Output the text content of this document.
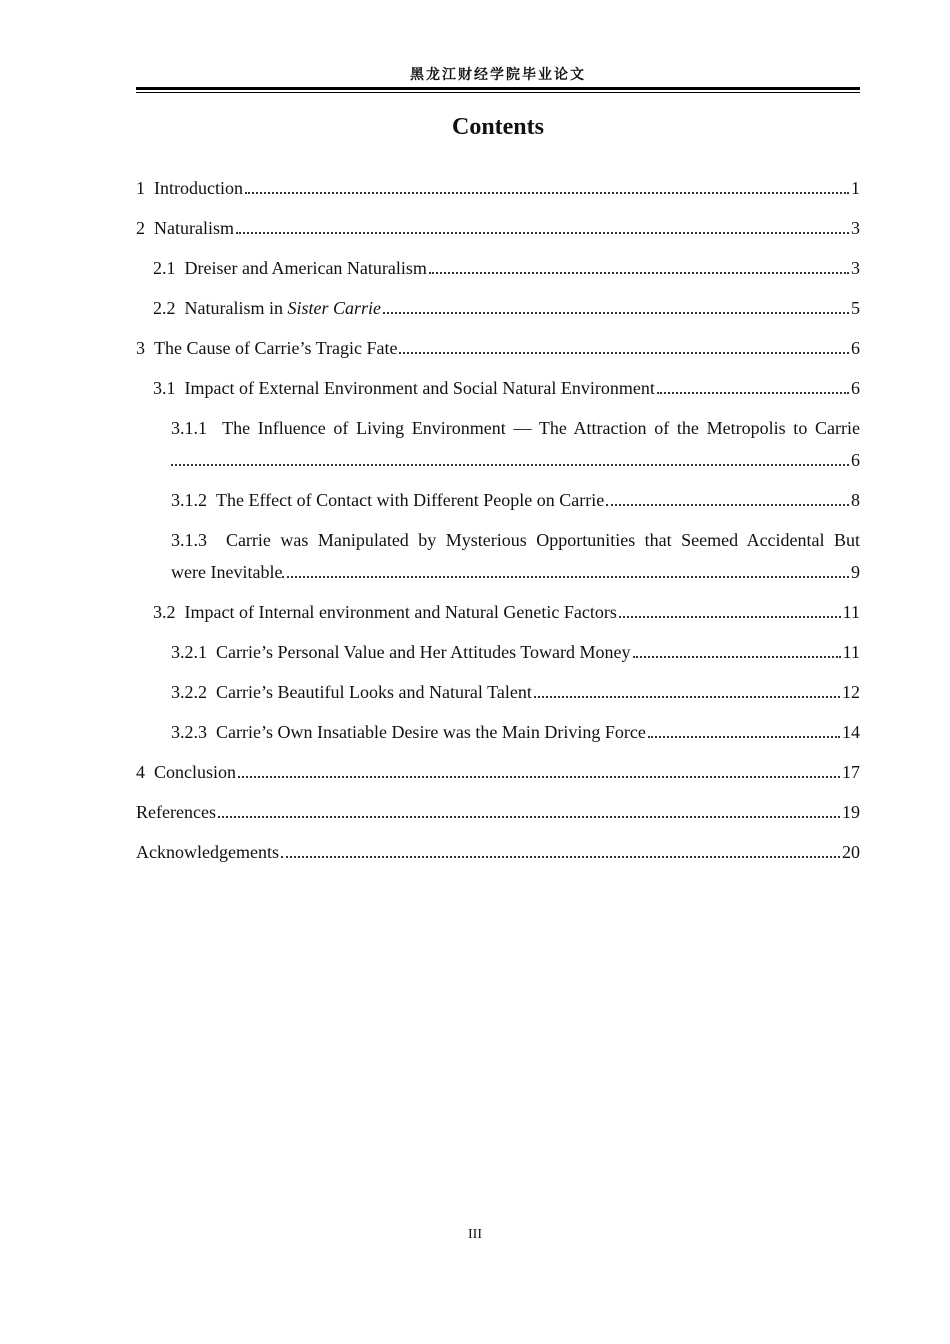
黑龙江财经学院毕业论文
Contents
1 Introduction	1
2 Naturalism	3
2.1 Dreiser and American Naturalism	3
2.2 Naturalism in Sister Carrie	5
3 The Cause of Carrie’s Tragic Fate	6
3.1 Impact of External Environment and Social Natural Environment	6
3.1.1  The Influence of Living Environment — The Attraction of the Metropolis to Carrie
6
3.1.2 The Effect of Contact with Different People on Carrie	8
3.1.3  Carrie was Manipulated by Mysterious Opportunities that Seemed Accidental But
were Inevitable	9
3.2 Impact of Internal environment and Natural Genetic Factors	11
3.2.1 Carrie’s Personal Value and Her Attitudes Toward Money	11
3.2.2 Carrie’s Beautiful Looks and Natural Talent	12
3.2.3 Carrie’s Own Insatiable Desire was the Main Driving Force	14
4 Conclusion	17
References	19
Acknowledgements	20
III
